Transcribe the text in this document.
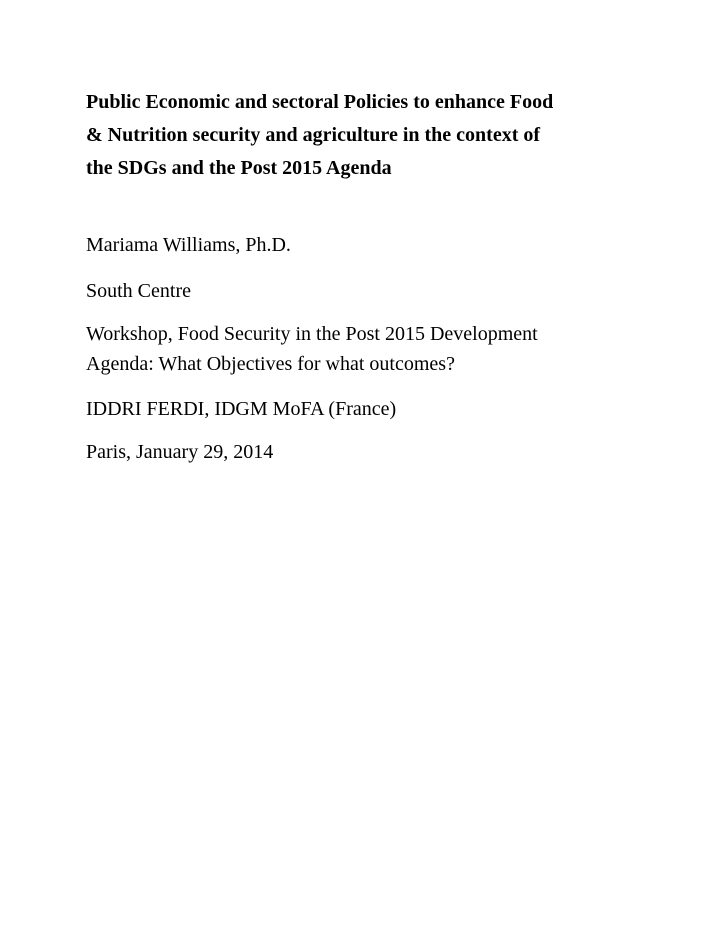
Public Economic and sectoral Policies to enhance Food
& Nutrition security and agriculture in the context of
the SDGs and the Post 2015 Agenda

Mariama Williams, Ph.D.

South Centre

Workshop, Food Security in the Post 2015 Development
Agenda: What Objectives for what outcomes?

IDDRI FERDI, IDGM MoFA (France)

Paris, January 29, 2014
